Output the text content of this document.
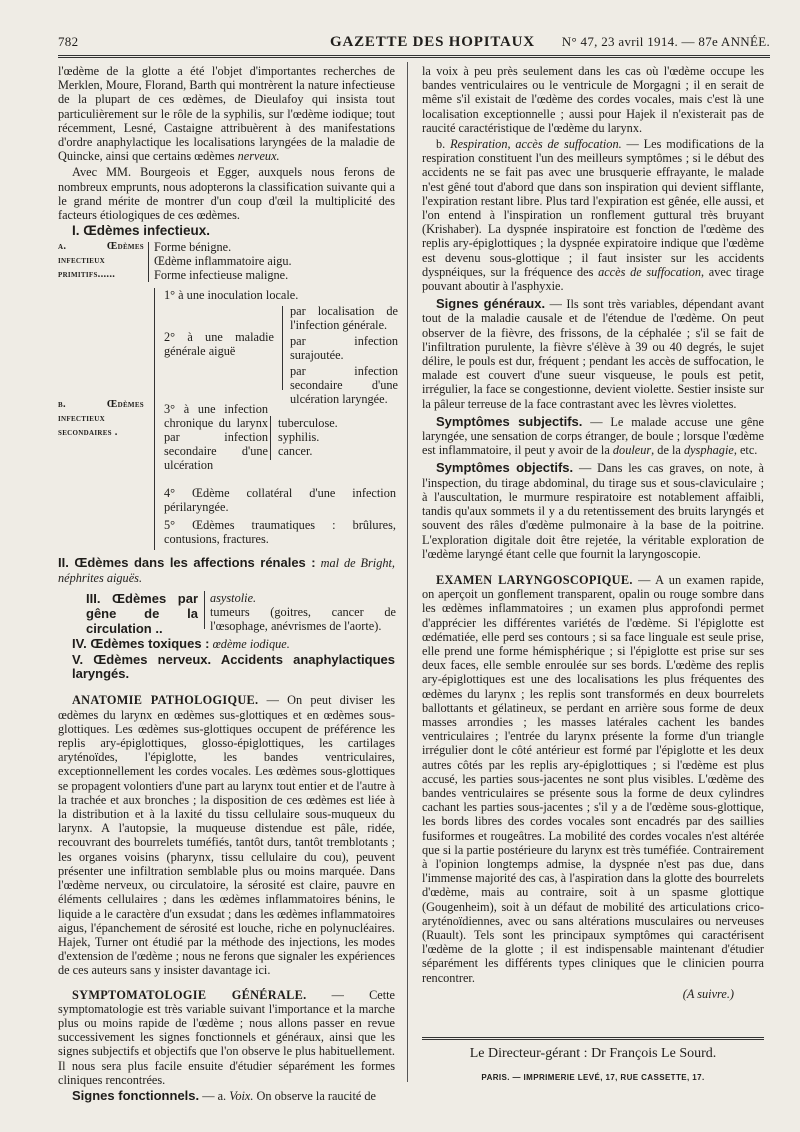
782	GAZETTE DES HOPITAUX N° 47, 23 avril 1914. — 87e ANNÉE.

l'œdème de la glotte a été l'objet d'importantes recherches de Merklen, Moure, Florand, Barth qui montrèrent la nature infectieuse de la plupart de ces œdèmes, de Dieulafoy qui insista tout particulièrement sur le rôle de la syphilis, sur l'œdème iodique; tout récemment, Lesné, Castaigne attribuèrent à des manifestations d'ordre anaphylactique les localisations laryngées de la maladie de Quincke, ainsi que certains œdèmes nerveux.

Avec MM. Bourgeois et Egger, auxquels nous ferons de nombreux emprunts, nous adopterons la classification suivante qui a le grand mérite de montrer d'un coup d'œil la multiplicité des facteurs étiologiques de ces œdèmes.

I. Œdèmes infectieux.
a. Œdèmes infectieux primitifs......
Forme bénigne.
Œdème inflammatoire aigu.
Forme infectieuse maligne.
b. Œdèmes infectieux secondaires .
1° à une inoculation locale.
2° à une maladie générale aiguë
par localisation de l'infection générale.
par infection surajoutée.
par infection secondaire d'une ulcération laryngée.
3° à une infection chronique du larynx par infection secondaire d'une ulcération
tuberculose.
syphilis.
cancer.
4° Œdème collatéral d'une infection périlaryngée.
5° Œdèmes traumatiques : brûlures, contusions, fractures.
II. Œdèmes dans les affections rénales : mal de Bright, néphrites aiguës.
III. Œdèmes par gêne de la circulation ..
asystolie.
tumeurs (goitres, cancer de l'œsophage, anévrismes de l'aorte).
IV. Œdèmes toxiques : œdème iodique.
V. Œdèmes nerveux. Accidents anaphylactiques laryngés.

ANATOMIE PATHOLOGIQUE. — On peut diviser les œdèmes du larynx en œdèmes sus-glottiques et en œdèmes sous-glottiques. Les œdèmes sus-glottiques occupent de préférence les replis ary-épiglottiques, glosso-épiglottiques, les cartilages aryténoïdes, l'épiglotte, les bandes ventriculaires, exceptionnellement les cordes vocales. Les œdèmes sous-glottiques se propagent volontiers d'une part au larynx tout entier et de l'autre à la trachée et aux bronches ; la disposition de ces œdèmes est liée à la distribution et à la laxité du tissu cellulaire sous-muqueux du larynx. A l'autopsie, la muqueuse distendue est pâle, ridée, recouvrant des bourrelets tuméfiés, tantôt durs, tantôt tremblotants ; les organes voisins (pharynx, tissu cellulaire du cou), peuvent présenter une infiltration semblable plus ou moins marquée. Dans l'œdème nerveux, ou circulatoire, la sérosité est claire, pauvre en éléments cellulaires ; dans les œdèmes inflammatoires bénins, le liquide a le caractère d'un exsudat ; dans les œdèmes inflammatoires aigus, l'épanchement de sérosité est louche, riche en polynucléaires. Hajek, Turner ont étudié par la méthode des injections, les modes d'extension de l'œdème ; nous ne ferons que signaler les expériences de ces auteurs sans y insister davantage ici.

SYMPTOMATOLOGIE GÉNÉRALE. — Cette symptomatologie est très variable suivant l'importance et la marche plus ou moins rapide de l'œdème ; nous allons passer en revue successivement les signes fonctionnels et généraux, ainsi que les signes subjectifs et objectifs que l'on observe le plus habituellement. Il nous sera plus facile ensuite d'étudier séparément les formes cliniques rencontrées.

Signes fonctionnels. — a. Voix. On observe la raucité de

la voix à peu près seulement dans les cas où l'œdème occupe les bandes ventriculaires ou le ventricule de Morgagni ; il en serait de même s'il existait de l'œdème des cordes vocales, mais c'est là une localisation exceptionnelle ; aussi pour Hajek il n'existerait pas de raucité caractéristique de l'œdème du larynx.

b. Respiration, accès de suffocation. — Les modifications de la respiration constituent l'un des meilleurs symptômes ; si le début des accidents ne se fait pas avec une brusquerie effrayante, le malade n'est gêné tout d'abord que dans son inspiration qui devient sifflante, l'expiration restant libre. Plus tard l'expiration est gênée, elle aussi, et l'on entend à l'inspiration un ronflement guttural très bruyant (Krishaber). La dyspnée inspiratoire est fonction de l'œdème des replis ary-épiglottiques ; la dyspnée expiratoire indique que l'œdème est devenu sous-glottique ; il faut insister sur les accidents dyspnéiques, sur la fréquence des accès de suffocation, avec tirage pouvant aboutir à l'asphyxie.

Signes généraux. — Ils sont très variables, dépendant avant tout de la maladie causale et de l'étendue de l'œdème. On peut observer de la fièvre, des frissons, de la céphalée ; s'il se fait de l'infiltration purulente, la fièvre s'élève à 39 ou 40 degrés, le sujet délire, le pouls est dur, fréquent ; pendant les accès de suffocation, le malade est couvert d'une sueur visqueuse, le pouls est petit, irrégulier, la face se congestionne, devient violette. Sestier insiste sur la pâleur terreuse de la face contrastant avec les lèvres violettes.

Symptômes subjectifs. — Le malade accuse une gêne laryngée, une sensation de corps étranger, de boule ; lorsque l'œdème est inflammatoire, il peut y avoir de la douleur, de la dysphagie, etc.

Symptômes objectifs. — Dans les cas graves, on note, à l'inspection, du tirage abdominal, du tirage sus et sous-claviculaire ; à l'auscultation, le murmure respiratoire est notablement affaibli, tandis qu'aux sommets il y a du retentissement des bruits laryngés et souvent des râles d'œdème pulmonaire à la base de la poitrine. L'exploration digitale doit être rejetée, la véritable exploration de l'œdème laryngé étant celle que fournit la laryngoscopie.

EXAMEN LARYNGOSCOPIQUE. — A un examen rapide, on aperçoit un gonflement transparent, opalin ou rouge sombre dans les œdèmes inflammatoires ; un examen plus approfondi permet d'apprécier les différentes variétés de l'œdème. Si l'épiglotte est œdématiée, elle perd ses contours ; si sa face linguale est seule prise, elle prend une forme hémisphérique ; si l'épiglotte est prise sur ses deux faces, elle semble enroulée sur ses bords. L'œdème des replis ary-épiglottiques est une des localisations les plus fréquentes des œdèmes du larynx ; les replis sont transformés en deux bourrelets ballottants et gélatineux, se perdant en arrière sous forme de deux masses arrondies ; les masses latérales cachent les bandes ventriculaires ; l'entrée du larynx présente la forme d'un triangle irrégulier dont le côté antérieur est formé par l'épiglotte et les deux autres côtés par les replis ary-épiglottiques ; si l'œdème est plus accusé, les parties sous-jacentes ne sont plus visibles. L'œdème des bandes ventriculaires se présente sous la forme de deux cylindres cachant les parties sous-jacentes ; s'il y a de l'œdème sous-glottique, les bords libres des cordes vocales sont encadrés par des saillies fusiformes et rougeâtres. La mobilité des cordes vocales n'est altérée que si la partie postérieure du larynx est très tuméfiée. Contrairement à l'opinion longtemps admise, la dyspnée n'est pas due, dans l'immense majorité des cas, à l'aspiration dans la glotte des bourrelets d'œdème, mais au contraire, soit à un spasme glottique (Gougenheim), soit à un défaut de mobilité des articulations crico-aryténoïdiennes, avec ou sans altérations musculaires ou nerveuses (Ruault). Tels sont les principaux symptômes qui caractérisent l'œdème de la glotte ; il est indispensable maintenant d'étudier séparément les différents types cliniques que le clinicien pourra rencontrer.

(A suivre.)
Le Directeur-gérant : Dr François Le Sourd.
PARIS. — IMPRIMERIE LEVÉ, 17, RUE CASSETTE, 17.
